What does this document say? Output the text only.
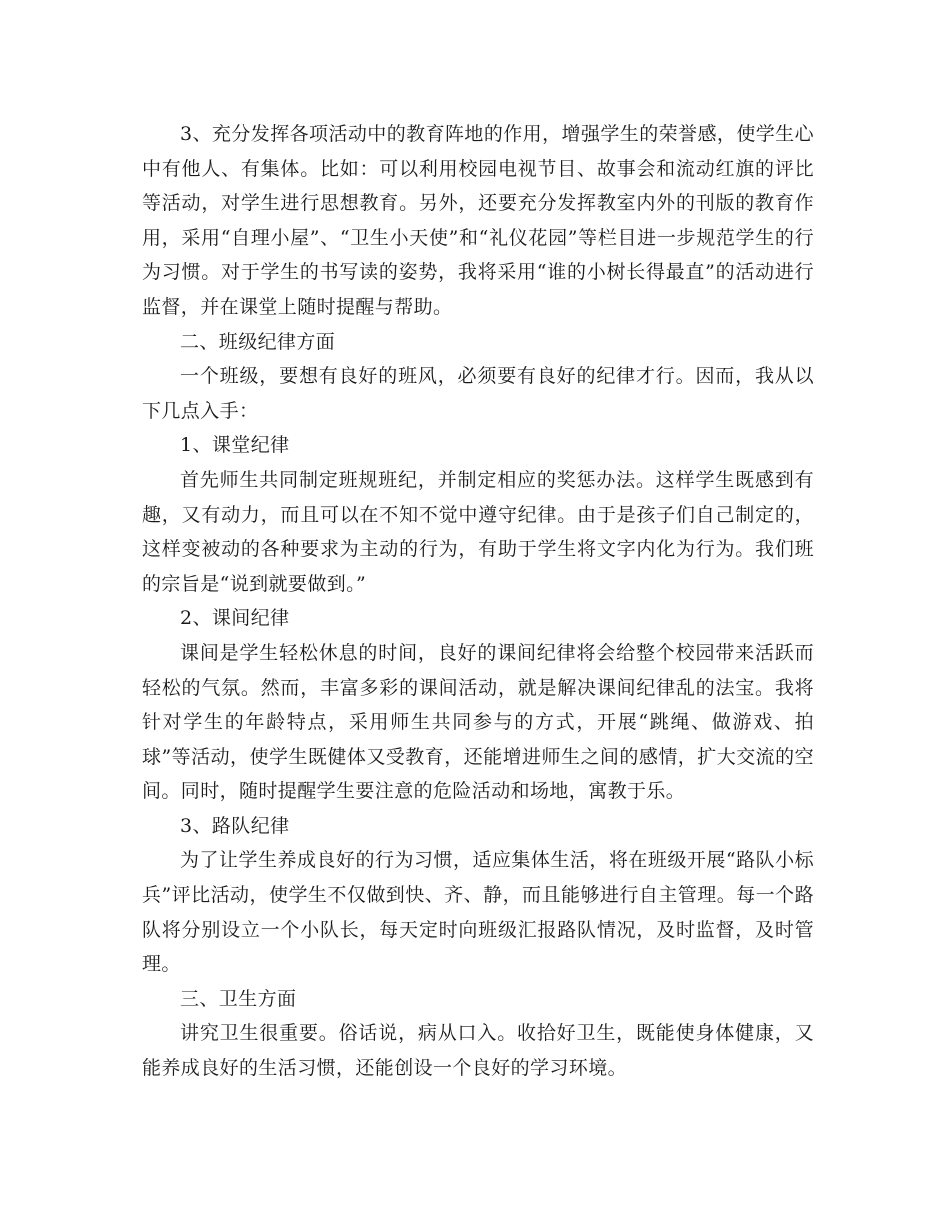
3、充分发挥各项活动中的教育阵地的作用，增强学生的荣誉感，使学生心中有他人、有集体。比如：可以利用校园电视节目、故事会和流动红旗的评比等活动，对学生进行思想教育。另外，还要充分发挥教室内外的刊版的教育作用，采用“自理小屋”、“卫生小天使”和“礼仪花园”等栏目进一步规范学生的行为习惯。对于学生的书写读的姿势，我将采用“谁的小树长得最直”的活动进行监督，并在课堂上随时提醒与帮助。

二、班级纪律方面

一个班级，要想有良好的班风，必须要有良好的纪律才行。因而，我从以下几点入手：

1、课堂纪律

首先师生共同制定班规班纪，并制定相应的奖惩办法。这样学生既感到有趣，又有动力，而且可以在不知不觉中遵守纪律。由于是孩子们自己制定的，这样变被动的各种要求为主动的行为，有助于学生将文字内化为行为。我们班的宗旨是“说到就要做到。”

2、课间纪律

课间是学生轻松休息的时间，良好的课间纪律将会给整个校园带来活跃而轻松的气氛。然而，丰富多彩的课间活动，就是解决课间纪律乱的法宝。我将针对学生的年龄特点，采用师生共同参与的方式，开展“跳绳、做游戏、拍球”等活动，使学生既健体又受教育，还能增进师生之间的感情，扩大交流的空间。同时，随时提醒学生要注意的危险活动和场地，寓教于乐。

3、路队纪律

为了让学生养成良好的行为习惯，适应集体生活，将在班级开展“路队小标兵”评比活动，使学生不仅做到快、齐、静，而且能够进行自主管理。每一个路队将分别设立一个小队长，每天定时向班级汇报路队情况，及时监督，及时管理。

三、卫生方面

讲究卫生很重要。俗话说，病从口入。收拾好卫生，既能使身体健康，又能养成良好的生活习惯，还能创设一个良好的学习环境。
